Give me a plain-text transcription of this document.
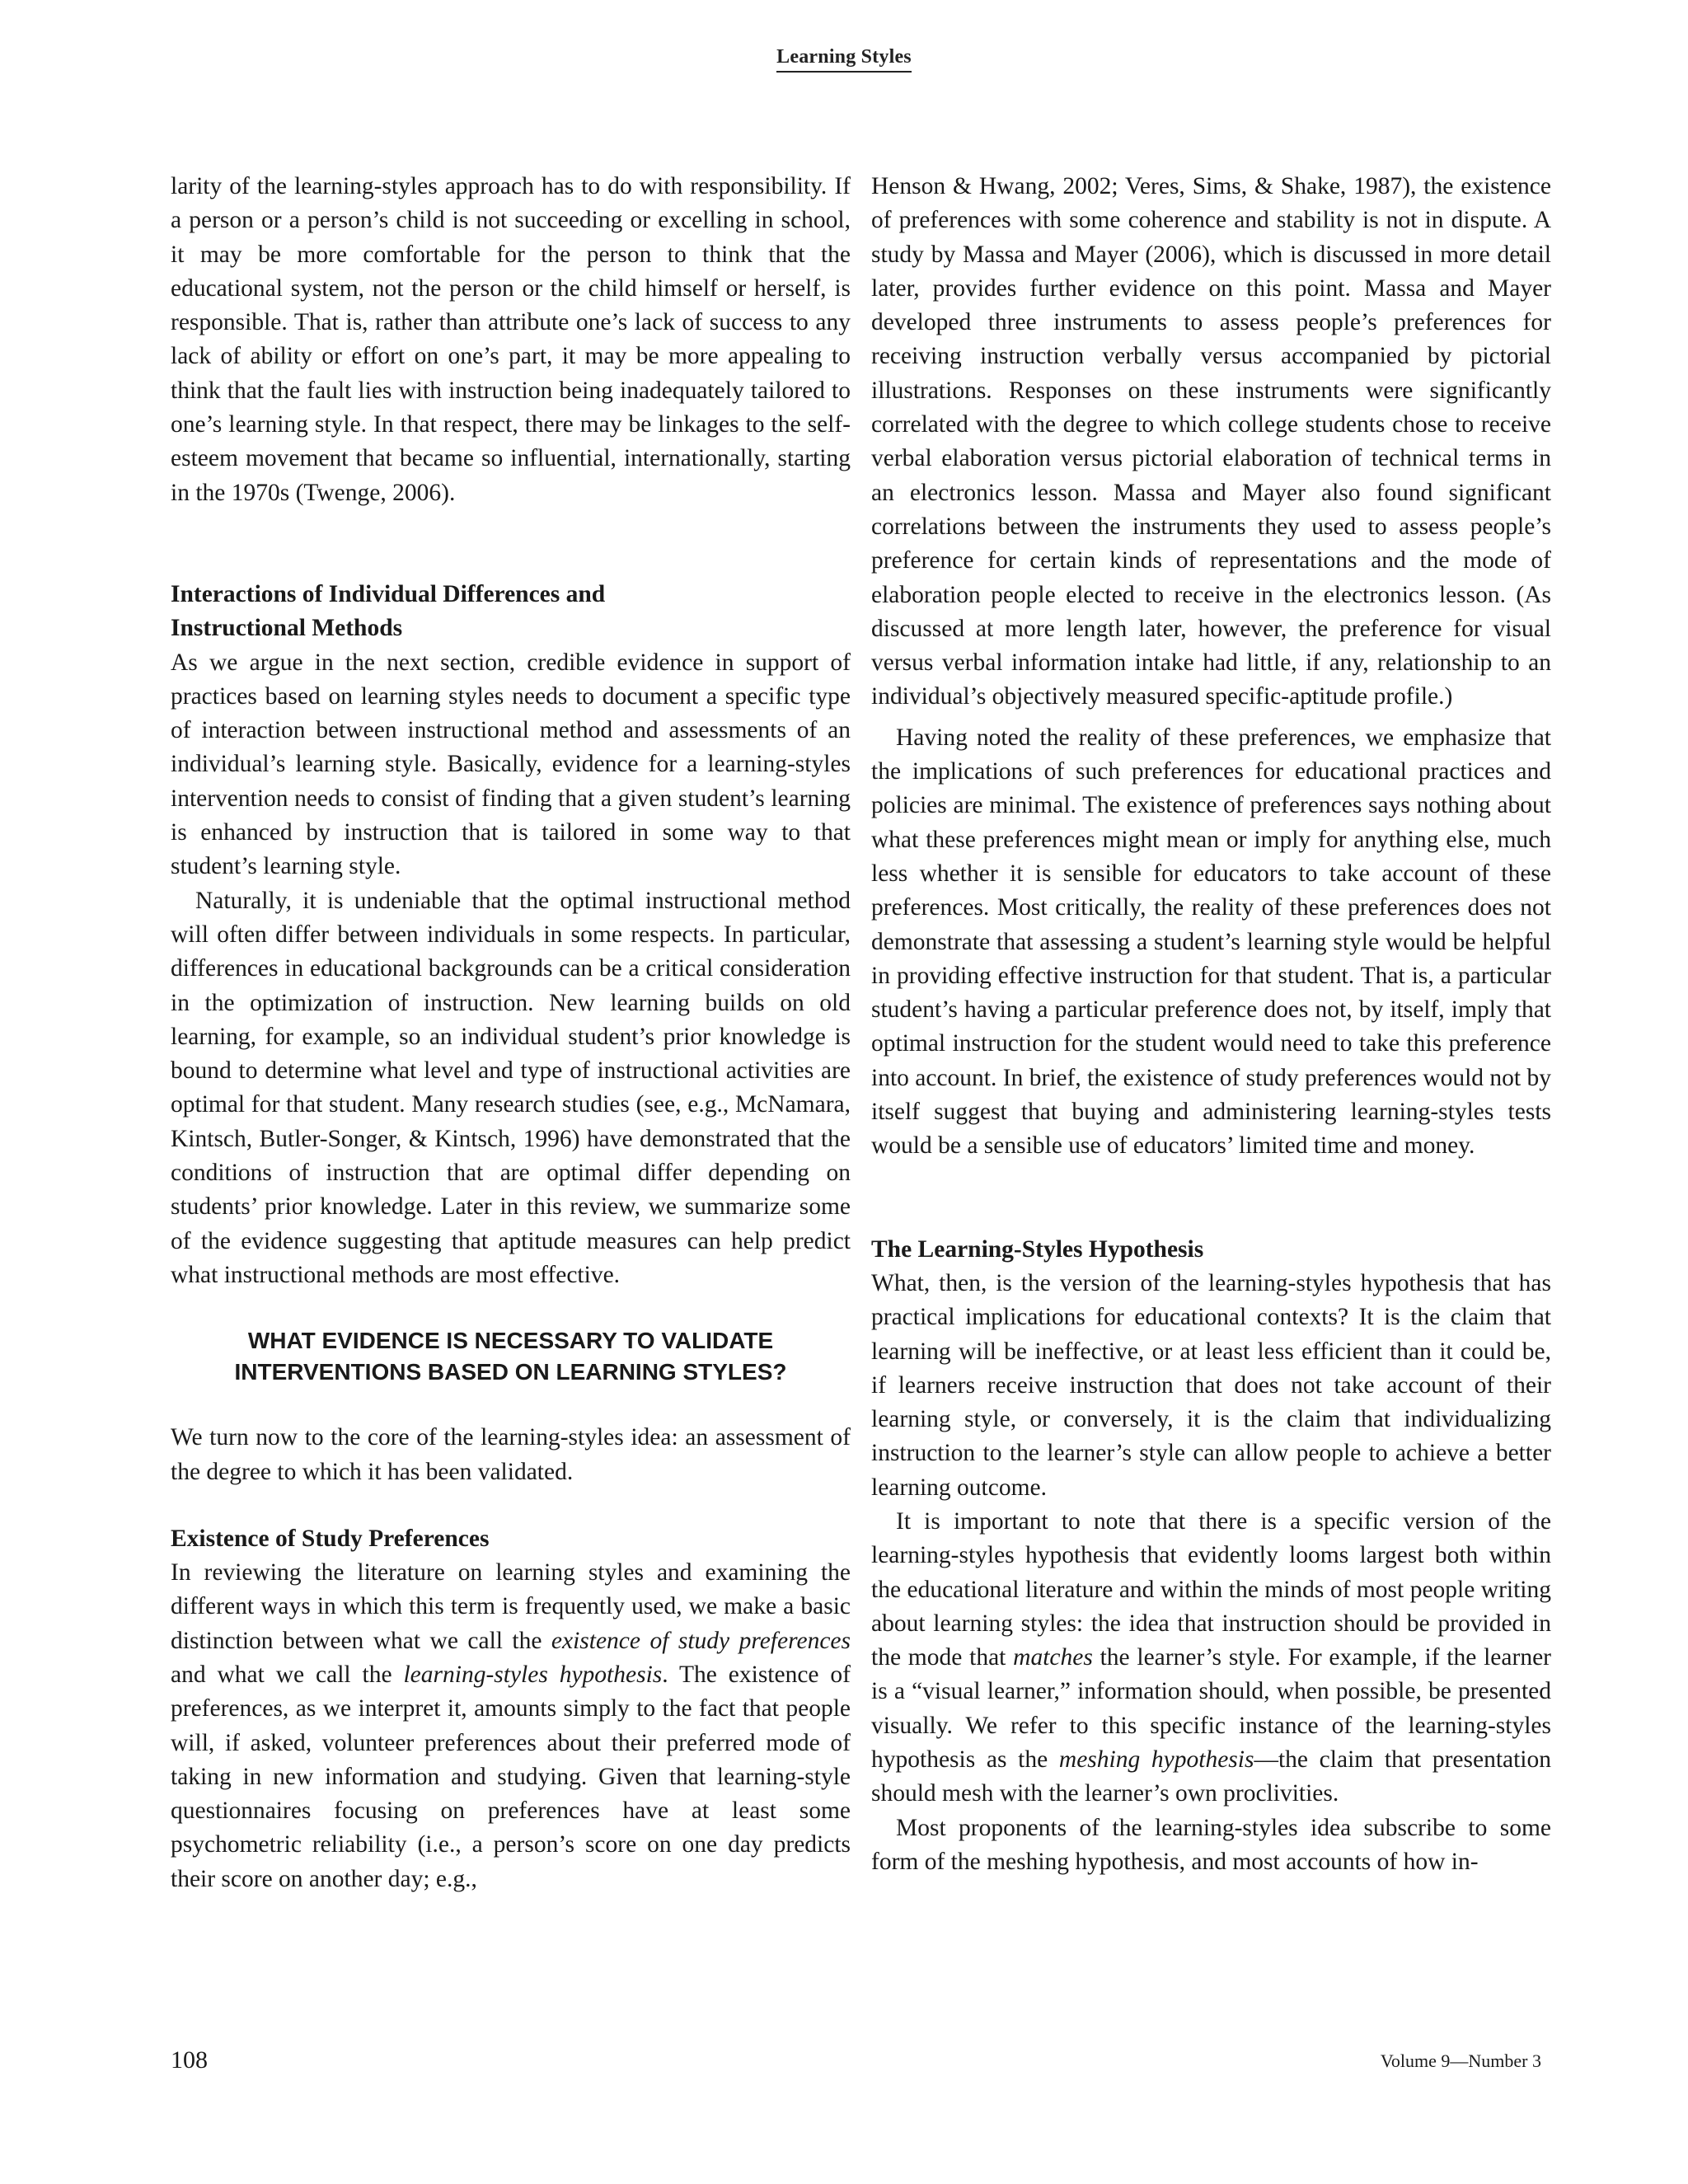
Learning Styles

larity of the learning-styles approach has to do with responsibility. If a person or a person’s child is not succeeding or excelling in school, it may be more comfortable for the person to think that the educational system, not the person or the child himself or herself, is responsible. That is, rather than attribute one’s lack of success to any lack of ability or effort on one’s part, it may be more appealing to think that the fault lies with instruction being inadequately tailored to one’s learning style. In that respect, there may be linkages to the self-esteem movement that became so influential, internationally, starting in the 1970s (Twenge, 2006).

Interactions of Individual Differences and
Instructional Methods

As we argue in the next section, credible evidence in support of practices based on learning styles needs to document a specific type of interaction between instructional method and assessments of an individual’s learning style. Basically, evidence for a learning-styles intervention needs to consist of finding that a given student’s learning is enhanced by instruction that is tailored in some way to that student’s learning style.

Naturally, it is undeniable that the optimal instructional method will often differ between individuals in some respects. In particular, differences in educational backgrounds can be a critical consideration in the optimization of instruction. New learning builds on old learning, for example, so an individual student’s prior knowledge is bound to determine what level and type of instructional activities are optimal for that student. Many research studies (see, e.g., McNamara, Kintsch, Butler-Songer, & Kintsch, 1996) have demonstrated that the conditions of instruction that are optimal differ depending on students’ prior knowledge. Later in this review, we summarize some of the evidence suggesting that aptitude measures can help predict what instructional methods are most effective.

WHAT EVIDENCE IS NECESSARY TO VALIDATE
INTERVENTIONS BASED ON LEARNING STYLES?

We turn now to the core of the learning-styles idea: an assessment of the degree to which it has been validated.

Existence of Study Preferences

In reviewing the literature on learning styles and examining the different ways in which this term is frequently used, we make a basic distinction between what we call the existence of study preferences and what we call the learning-styles hypothesis. The existence of preferences, as we interpret it, amounts simply to the fact that people will, if asked, volunteer preferences about their preferred mode of taking in new information and studying. Given that learning-style questionnaires focusing on preferences have at least some psychometric reliability (i.e., a person’s score on one day predicts their score on another day; e.g.,

Henson & Hwang, 2002; Veres, Sims, & Shake, 1987), the existence of preferences with some coherence and stability is not in dispute. A study by Massa and Mayer (2006), which is discussed in more detail later, provides further evidence on this point. Massa and Mayer developed three instruments to assess people’s preferences for receiving instruction verbally versus accompanied by pictorial illustrations. Responses on these instruments were significantly correlated with the degree to which college students chose to receive verbal elaboration versus pictorial elaboration of technical terms in an electronics lesson. Massa and Mayer also found significant correlations between the instruments they used to assess people’s preference for certain kinds of representations and the mode of elaboration people elected to receive in the electronics lesson. (As discussed at more length later, however, the preference for visual versus verbal information intake had little, if any, relationship to an individual’s objectively measured specific-aptitude profile.)

Having noted the reality of these preferences, we emphasize that the implications of such preferences for educational practices and policies are minimal. The existence of preferences says nothing about what these preferences might mean or imply for anything else, much less whether it is sensible for educators to take account of these preferences. Most critically, the reality of these preferences does not demonstrate that assessing a student’s learning style would be helpful in providing effective instruction for that student. That is, a particular student’s having a particular preference does not, by itself, imply that optimal instruction for the student would need to take this preference into account. In brief, the existence of study preferences would not by itself suggest that buying and administering learning-styles tests would be a sensible use of educators’ limited time and money.

The Learning-Styles Hypothesis

What, then, is the version of the learning-styles hypothesis that has practical implications for educational contexts? It is the claim that learning will be ineffective, or at least less efficient than it could be, if learners receive instruction that does not take account of their learning style, or conversely, it is the claim that individualizing instruction to the learner’s style can allow people to achieve a better learning outcome.

It is important to note that there is a specific version of the learning-styles hypothesis that evidently looms largest both within the educational literature and within the minds of most people writing about learning styles: the idea that instruction should be provided in the mode that matches the learner’s style. For example, if the learner is a “visual learner,” information should, when possible, be presented visually. We refer to this specific instance of the learning-styles hypothesis as the meshing hypothesis—the claim that presentation should mesh with the learner’s own proclivities.

Most proponents of the learning-styles idea subscribe to some form of the meshing hypothesis, and most accounts of how in-

108	Volume 9—Number 3
